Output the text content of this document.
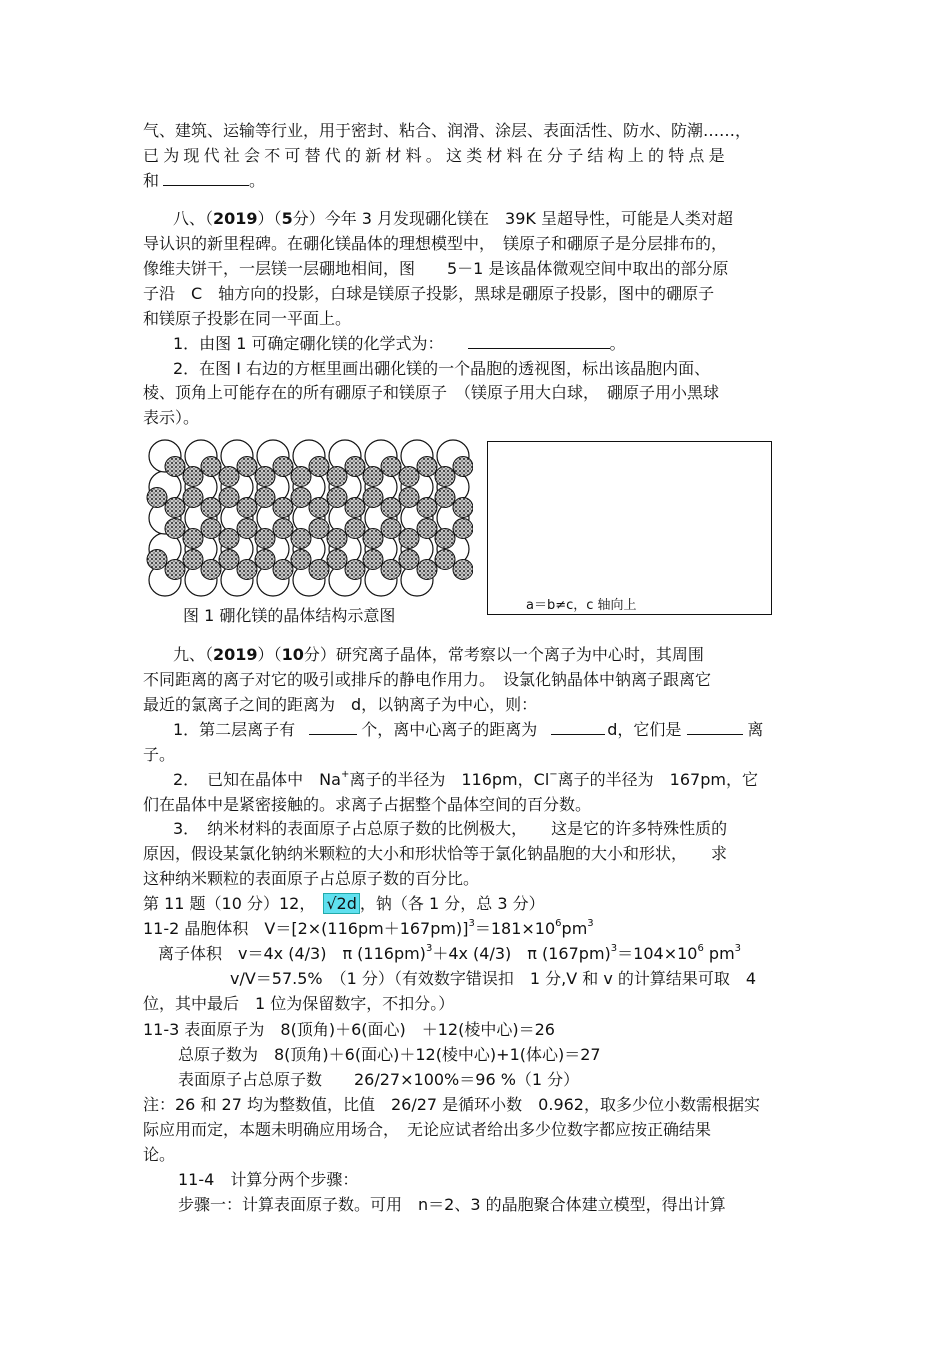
气、建筑、运输等行业，用于密封、粘合、润滑、涂层、表面活性、防水、防潮……，
已为现代社会不可替代的新材料。这类材料在分子结构上的特点是
和	。
八、（2019）（5分）今年 3 月发现硼化镁在　39K 呈超导性，可能是人类对超
导认识的新里程碑。在硼化镁晶体的理想模型中，　镁原子和硼原子是分层排布的，
像维夫饼干，一层镁一层硼地相间，图　　5－1 是该晶体微观空间中取出的部分原
子沿　C　轴方向的投影，白球是镁原子投影，黑球是硼原子投影，图中的硼原子
和镁原子投影在同一平面上。
1．由图 1 可确定硼化镁的化学式为：	。
2．在图 I 右边的方框里画出硼化镁的一个晶胞的透视图，标出该晶胞内面、
棱、顶角上可能存在的所有硼原子和镁原子　（镁原子用大白球，　硼原子用小黑球
表示）。
图 1 硼化镁的晶体结构示意图
a＝b≠c，c 轴向上
九、（2019）（10分）研究离子晶体，常考察以一个离子为中心时，其周围
不同距离的离子对它的吸引或排斥的静电作用力。　设氯化钠晶体中钠离子跟离它
最近的氯离子之间的距离为　d，以钠离子为中心，则：
1．第二层离子有	个，离中心离子的距离为	d，它们是	离
子。
2．　已知在晶体中　Na+离子的半径为　116pm，Cl−离子的半径为　167pm，它
们在晶体中是紧密接触的。求离子占据整个晶体空间的百分数。
3．　纳米材料的表面原子占总原子数的比例极大，　　这是它的许多特殊性质的
原因，假设某氯化钠纳米颗粒的大小和形状恰等于氯化钠晶胞的大小和形状，　　求
这种纳米颗粒的表面原子占总原子数的百分比。
第 11 题（10 分）12，　√2d ，钠（各 1 分，总 3 分）
11-2 晶胞体积　$V=[2\times(116pm+167pm)]^3=181\times 10^6pm^3$
离子体积　v＝4x (4/3)　π $(116pm)^3+4x$ (4/3)　π $(167pm)^3=104\times 10^6$ $pm^3$
v/V＝57.5%　（1 分）（有效数字错误扣　1 分,V 和 v 的计算结果可取　4
位，其中最后　1 位为保留数字，不扣分。）
11-3 表面原子为　8(顶角)＋6(面心)　＋12(棱中心)＝26
总原子数为　8(顶角)＋6(面心)＋12(棱中心)+1(体心)＝27
表面原子占总原子数　　26/27×100%＝96 %（1 分）
注：26 和 27 均为整数值，比值　26/27 是循环小数　0.962，取多少位小数需根据实
际应用而定，本题未明确应用场合，　无论应试者给出多少位数字都应按正确结果
论。
11-4　计算分两个步骤：
步骤一：计算表面原子数。可用　n＝2、3 的晶胞聚合体建立模型，得出计算
